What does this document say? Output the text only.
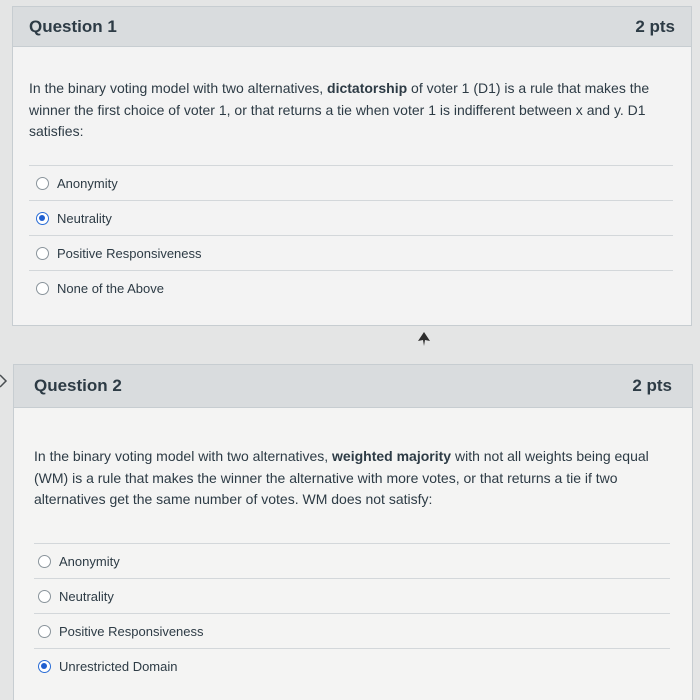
Question 1	2 pts
In the binary voting model with two alternatives, dictatorship of voter 1 (D1) is a rule that makes the winner the first choice of voter 1, or that returns a tie when voter 1 is indifferent between x and y. D1 satisfies:
Anonymity
Neutrality
Positive Responsiveness
None of the Above
Question 2	2 pts
In the binary voting model with two alternatives, weighted majority with not all weights being equal (WM) is a rule that makes the winner the alternative with more votes, or that returns a tie if two alternatives get the same number of votes. WM does not satisfy:
Anonymity
Neutrality
Positive Responsiveness
Unrestricted Domain
